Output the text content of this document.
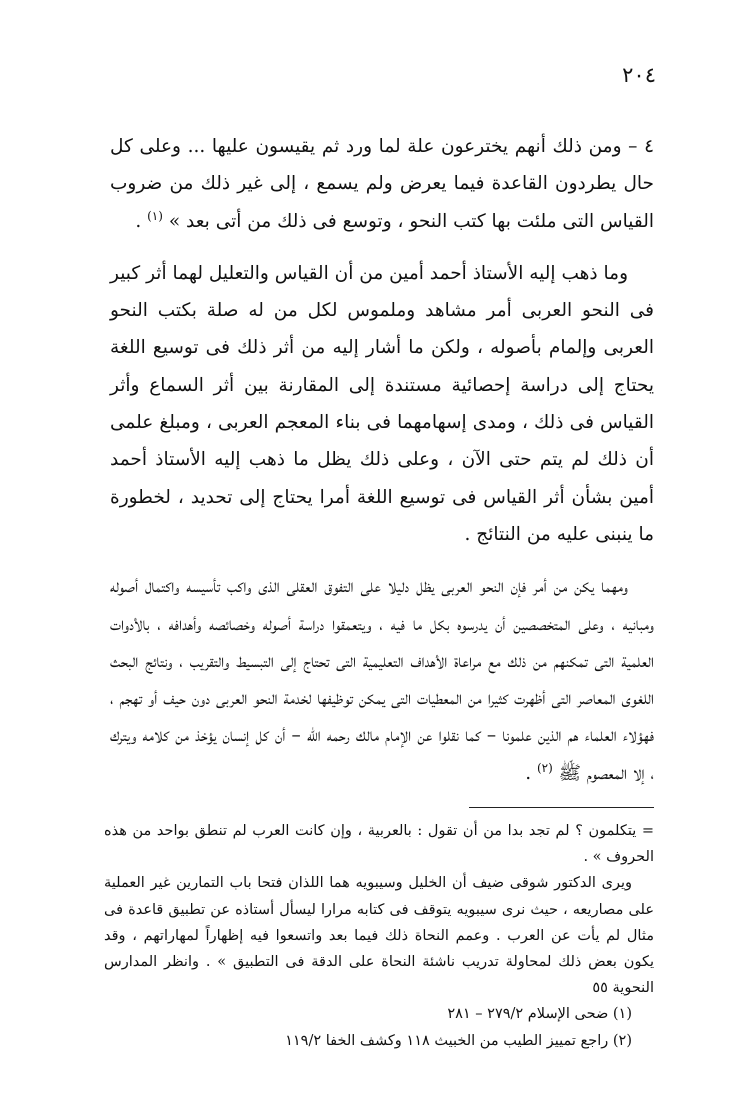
٢٠٤

٤ – ومن ذلك أنهم يخترعون علة لما ورد ثم يقيسون عليها ... وعلى كل حال يطردون القاعدة فيما يعرض ولم يسمع ، إلى غير ذلك من ضروب القياس التى ملئت بها كتب النحو ، وتوسع فى ذلك من أتى بعد » $^{(١)}$ .

وما ذهب إليه الأستاذ أحمد أمين من أن القياس والتعليل لهما أثر كبير فى النحو العربى أمر مشاهد وملموس لكل من له صلة بكتب النحو العربى وإلمام بأصوله ، ولكن ما أشار إليه من أثر ذلك فى توسيع اللغة يحتاج إلى دراسة إحصائية مستندة إلى المقارنة بين أثر السماع وأثر القياس فى ذلك ، ومدى إسهامهما فى بناء المعجم العربى ، ومبلغ علمى أن ذلك لم يتم حتى الآن ، وعلى ذلك يظل ما ذهب إليه الأستاذ أحمد أمين بشأن أثر القياس فى توسيع اللغة أمرا يحتاج إلى تحديد ، لخطورة ما ينبنى عليه من النتائج .

ومهما يكن من أمر فإن النحو العربى يظل دليلا على التفوق العقلى الذى واكب تأسيسه واكتمال أصوله ومبانيه ، وعلى المتخصصين أن يدرسوه بكل ما فيه ، ويتعمقوا دراسة أصوله وخصائصه وأهدافه ، بالأدوات العلمية التى تمكنهم من ذلك مع مراعاة الأهداف التعليمية التى تحتاج إلى التبسيط والتقريب ، ونتائج البحث اللغوى المعاصر التى أظهرت كثيرا من المعطيات التى يمكن توظيفها لخدمة النحو العربى دون حيف أو تهجم ، فهؤلاء العلماء هم الذين علمونا – كما نقلوا عن الإمام مالك رحمه الله – أن كل إنسان يؤخذ من كلامه ويترك ، إلا المعصوم ﷺ $^{(٢)}$ .

= يتكلمون ؟ لم تجد بدا من أن تقول : بالعربية ، وإن كانت العرب لم تنطق بواحد من هذه الحروف » .

ويرى الدكتور شوقى ضيف أن الخليل وسيبويه هما اللذان فتحا باب التمارين غير العملية على مصاريعه ، حيث نرى سيبويه يتوقف فى كتابه مرارا ليسأل أستاذه عن تطبيق قاعدة فى مثال لم يأت عن العرب . وعمم النحاة ذلك فيما بعد واتسعوا فيه إظهاراً لمهاراتهم ، وقد يكون بعض ذلك لمحاولة تدريب ناشئة النحاة على الدقة فى التطبيق » . وانظر المدارس النحوية ٥٥

(١) ضحى الإسلام ٢٧٩/٢ – ٢٨١

(٢) راجع تمييز الطيب من الخبيث ١١٨ وكشف الخفا ١١٩/٢
